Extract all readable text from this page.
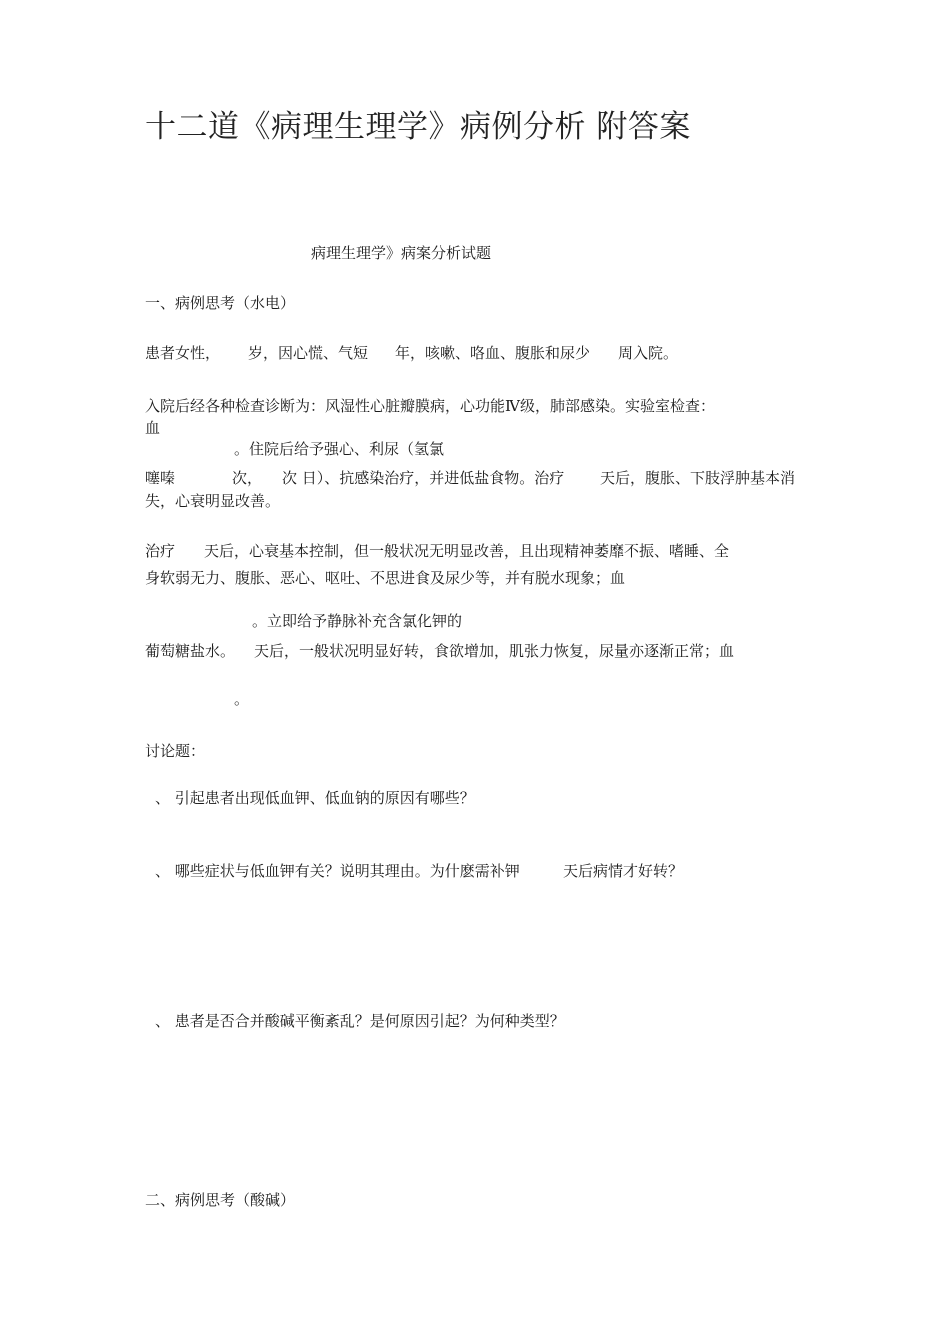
十二道《病理生理学》病例分析 附答案
病理生理学》病案分析试题
一、病例思考（水电）
患者女性， 岁，因心慌、气短 年，咳嗽、咯血、腹胀和尿少 周入院。
入院后经各种检查诊断为：风湿性心脏瓣膜病，心功能Ⅳ级，肺部感染。实验室检查：
血
。住院后给予强心、利尿（氢氯
噻嗪	次， 次 日）、抗感染治疗，并进低盐食物。治疗 天后，腹胀、下肢浮肿基本消
失，心衰明显改善。
治疗 天后，心衰基本控制，但一般状况无明显改善，且出现精神萎靡不振、嗜睡、全
身软弱无力、腹胀、恶心、呕吐、不思进食及尿少等，并有脱水现象；血
。立即给予静脉补充含氯化钾的
葡萄糖盐水。 天后，一般状况明显好转，食欲增加，肌张力恢复，尿量亦逐渐正常；血
。
讨论题：
、 引起患者出现低血钾、低血钠的原因有哪些？
、 哪些症状与低血钾有关？说明其理由。为什麽需补钾	天后病情才好转？
、 患者是否合并酸碱平衡紊乱？是何原因引起？为何种类型？
二、病例思考（酸碱）
